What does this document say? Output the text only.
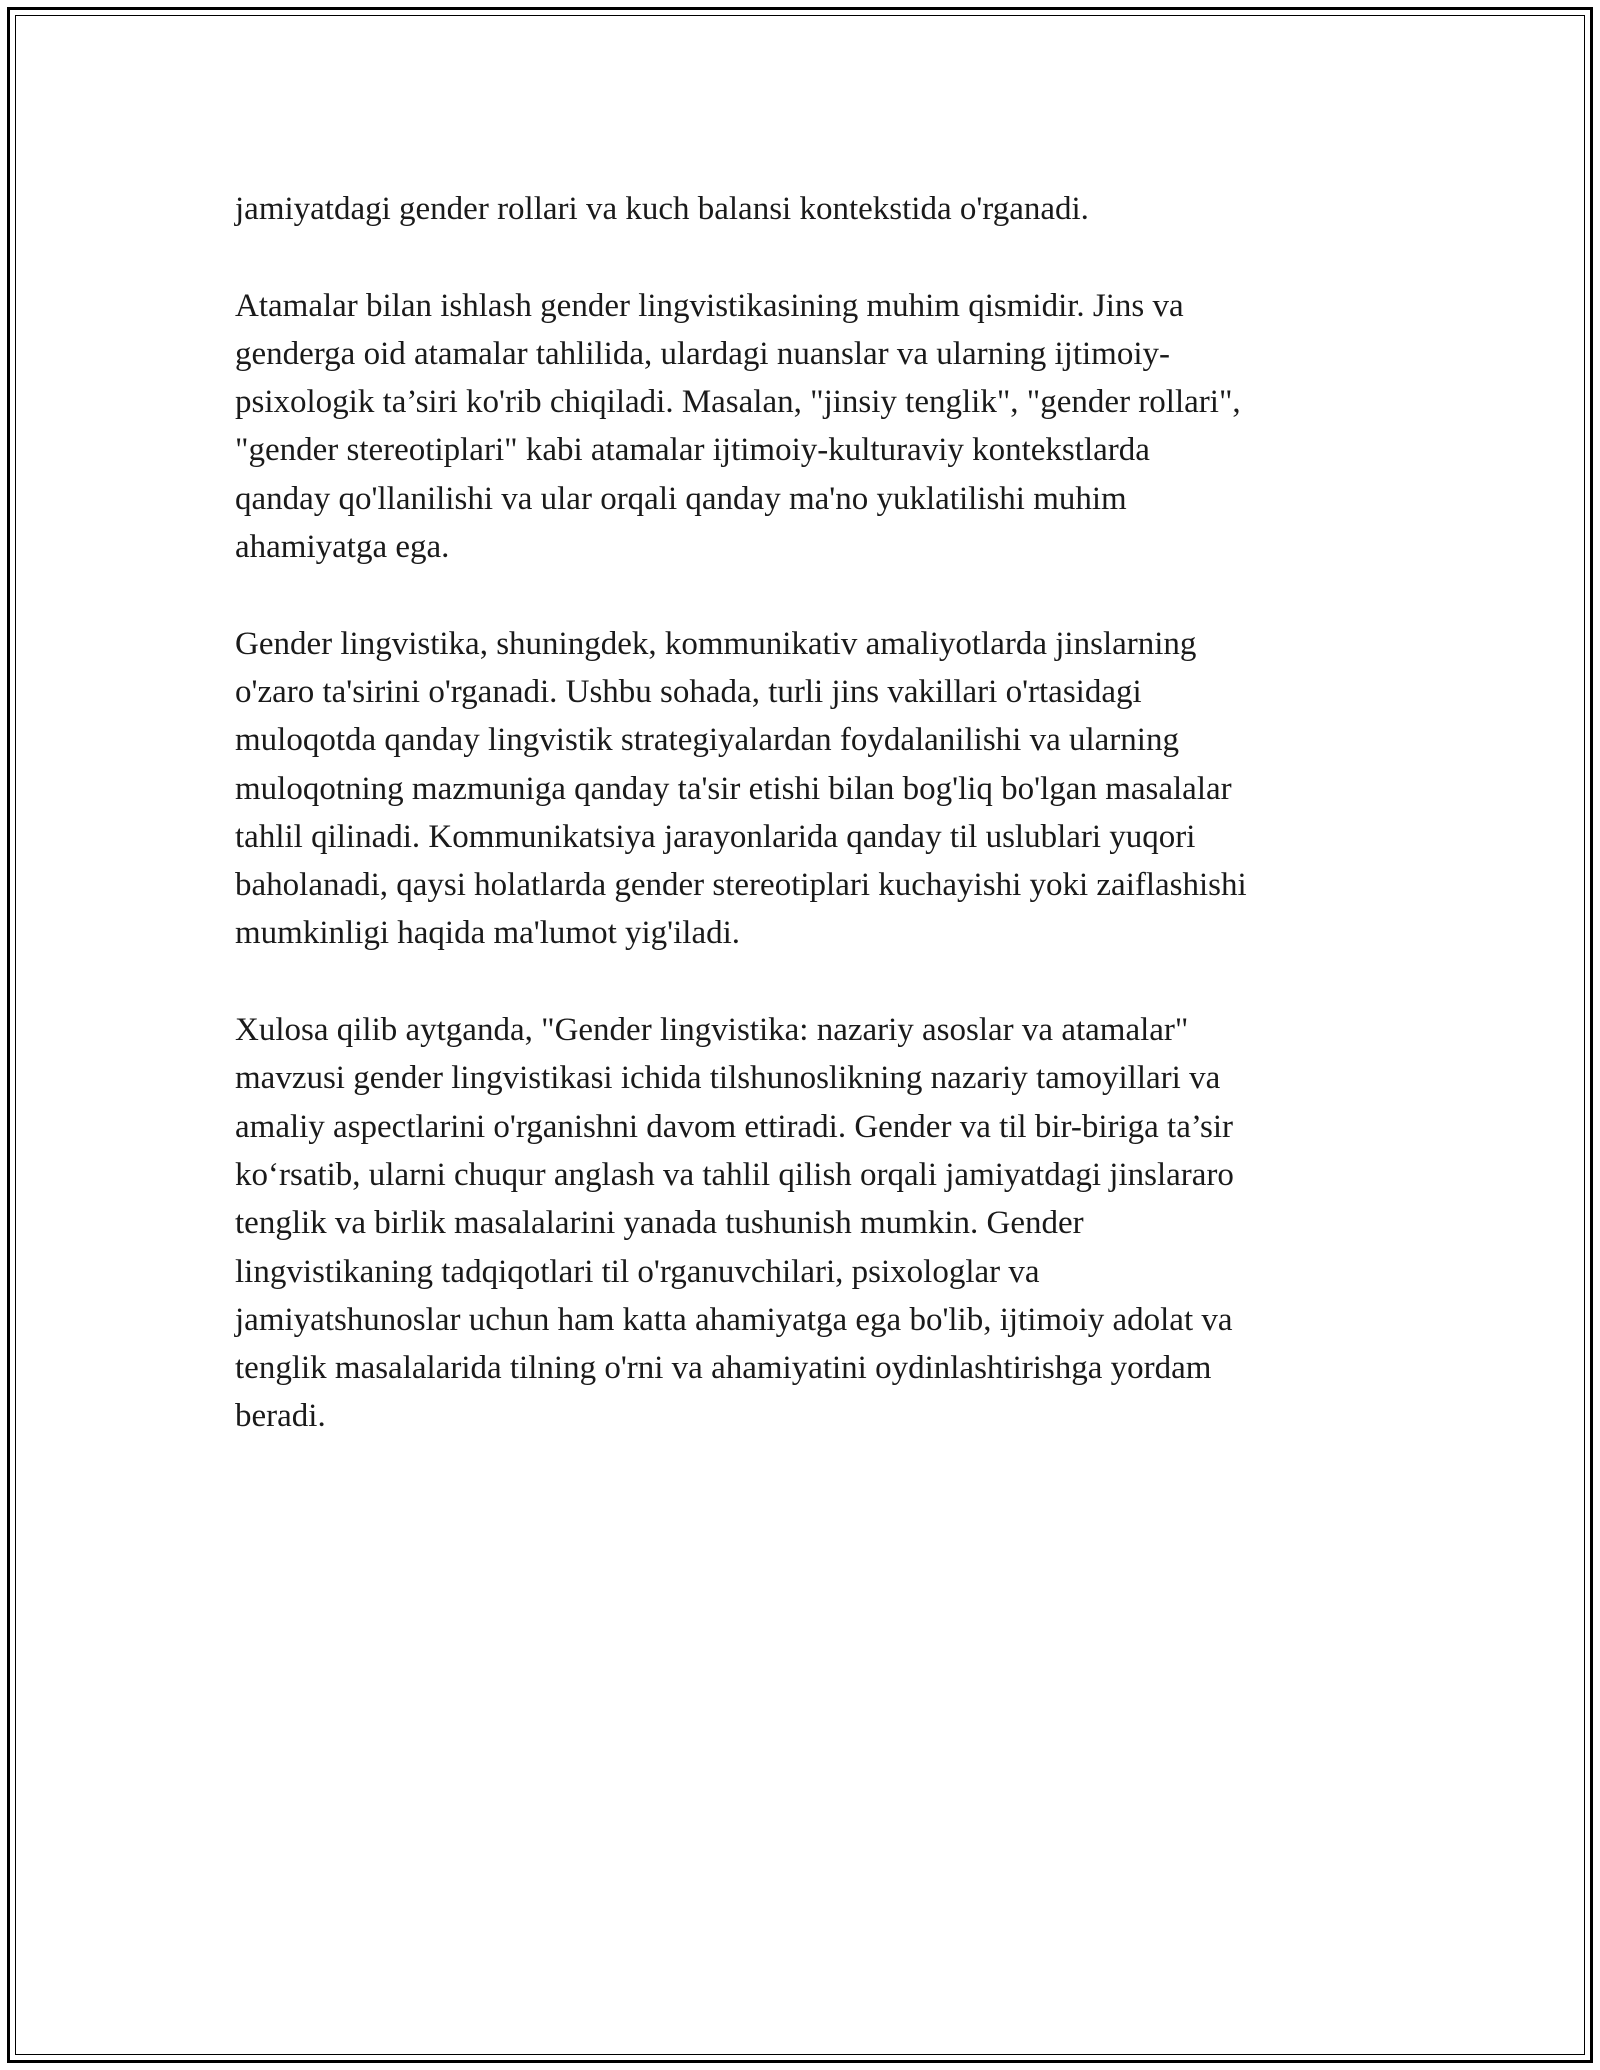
jamiyatdagi gender rollari va kuch balansi kontekstida o'rganadi.

Atamalar bilan ishlash gender lingvistikasining muhim qismidir. Jins va
genderga oid atamalar tahlilida, ulardagi nuanslar va ularning ijtimoiy-
psixologik ta’siri ko'rib chiqiladi. Masalan, "jinsiy tenglik", "gender rollari",
"gender stereotiplari" kabi atamalar ijtimoiy-kulturaviy kontekstlarda
qanday qo'llanilishi va ular orqali qanday ma'no yuklatilishi muhim
ahamiyatga ega.

Gender lingvistika, shuningdek, kommunikativ amaliyotlarda jinslarning
o'zaro ta'sirini o'rganadi. Ushbu sohada, turli jins vakillari o'rtasidagi
muloqotda qanday lingvistik strategiyalardan foydalanilishi va ularning
muloqotning mazmuniga qanday ta'sir etishi bilan bog'liq bo'lgan masalalar
tahlil qilinadi. Kommunikatsiya jarayonlarida qanday til uslublari yuqori
baholanadi, qaysi holatlarda gender stereotiplari kuchayishi yoki zaiflashishi
mumkinligi haqida ma'lumot yig'iladi.

Xulosa qilib aytganda, "Gender lingvistika: nazariy asoslar va atamalar"
mavzusi gender lingvistikasi ichida tilshunoslikning nazariy tamoyillari va
amaliy aspectlarini o'rganishni davom ettiradi. Gender va til bir-biriga ta’sir
ko‘rsatib, ularni chuqur anglash va tahlil qilish orqali jamiyatdagi jinslararo
tenglik va birlik masalalarini yanada tushunish mumkin. Gender
lingvistikaning tadqiqotlari til o'rganuvchilari, psixologlar va
jamiyatshunoslar uchun ham katta ahamiyatga ega bo'lib, ijtimoiy adolat va
tenglik masalalarida tilning o'rni va ahamiyatini oydinlashtirishga yordam
beradi.
